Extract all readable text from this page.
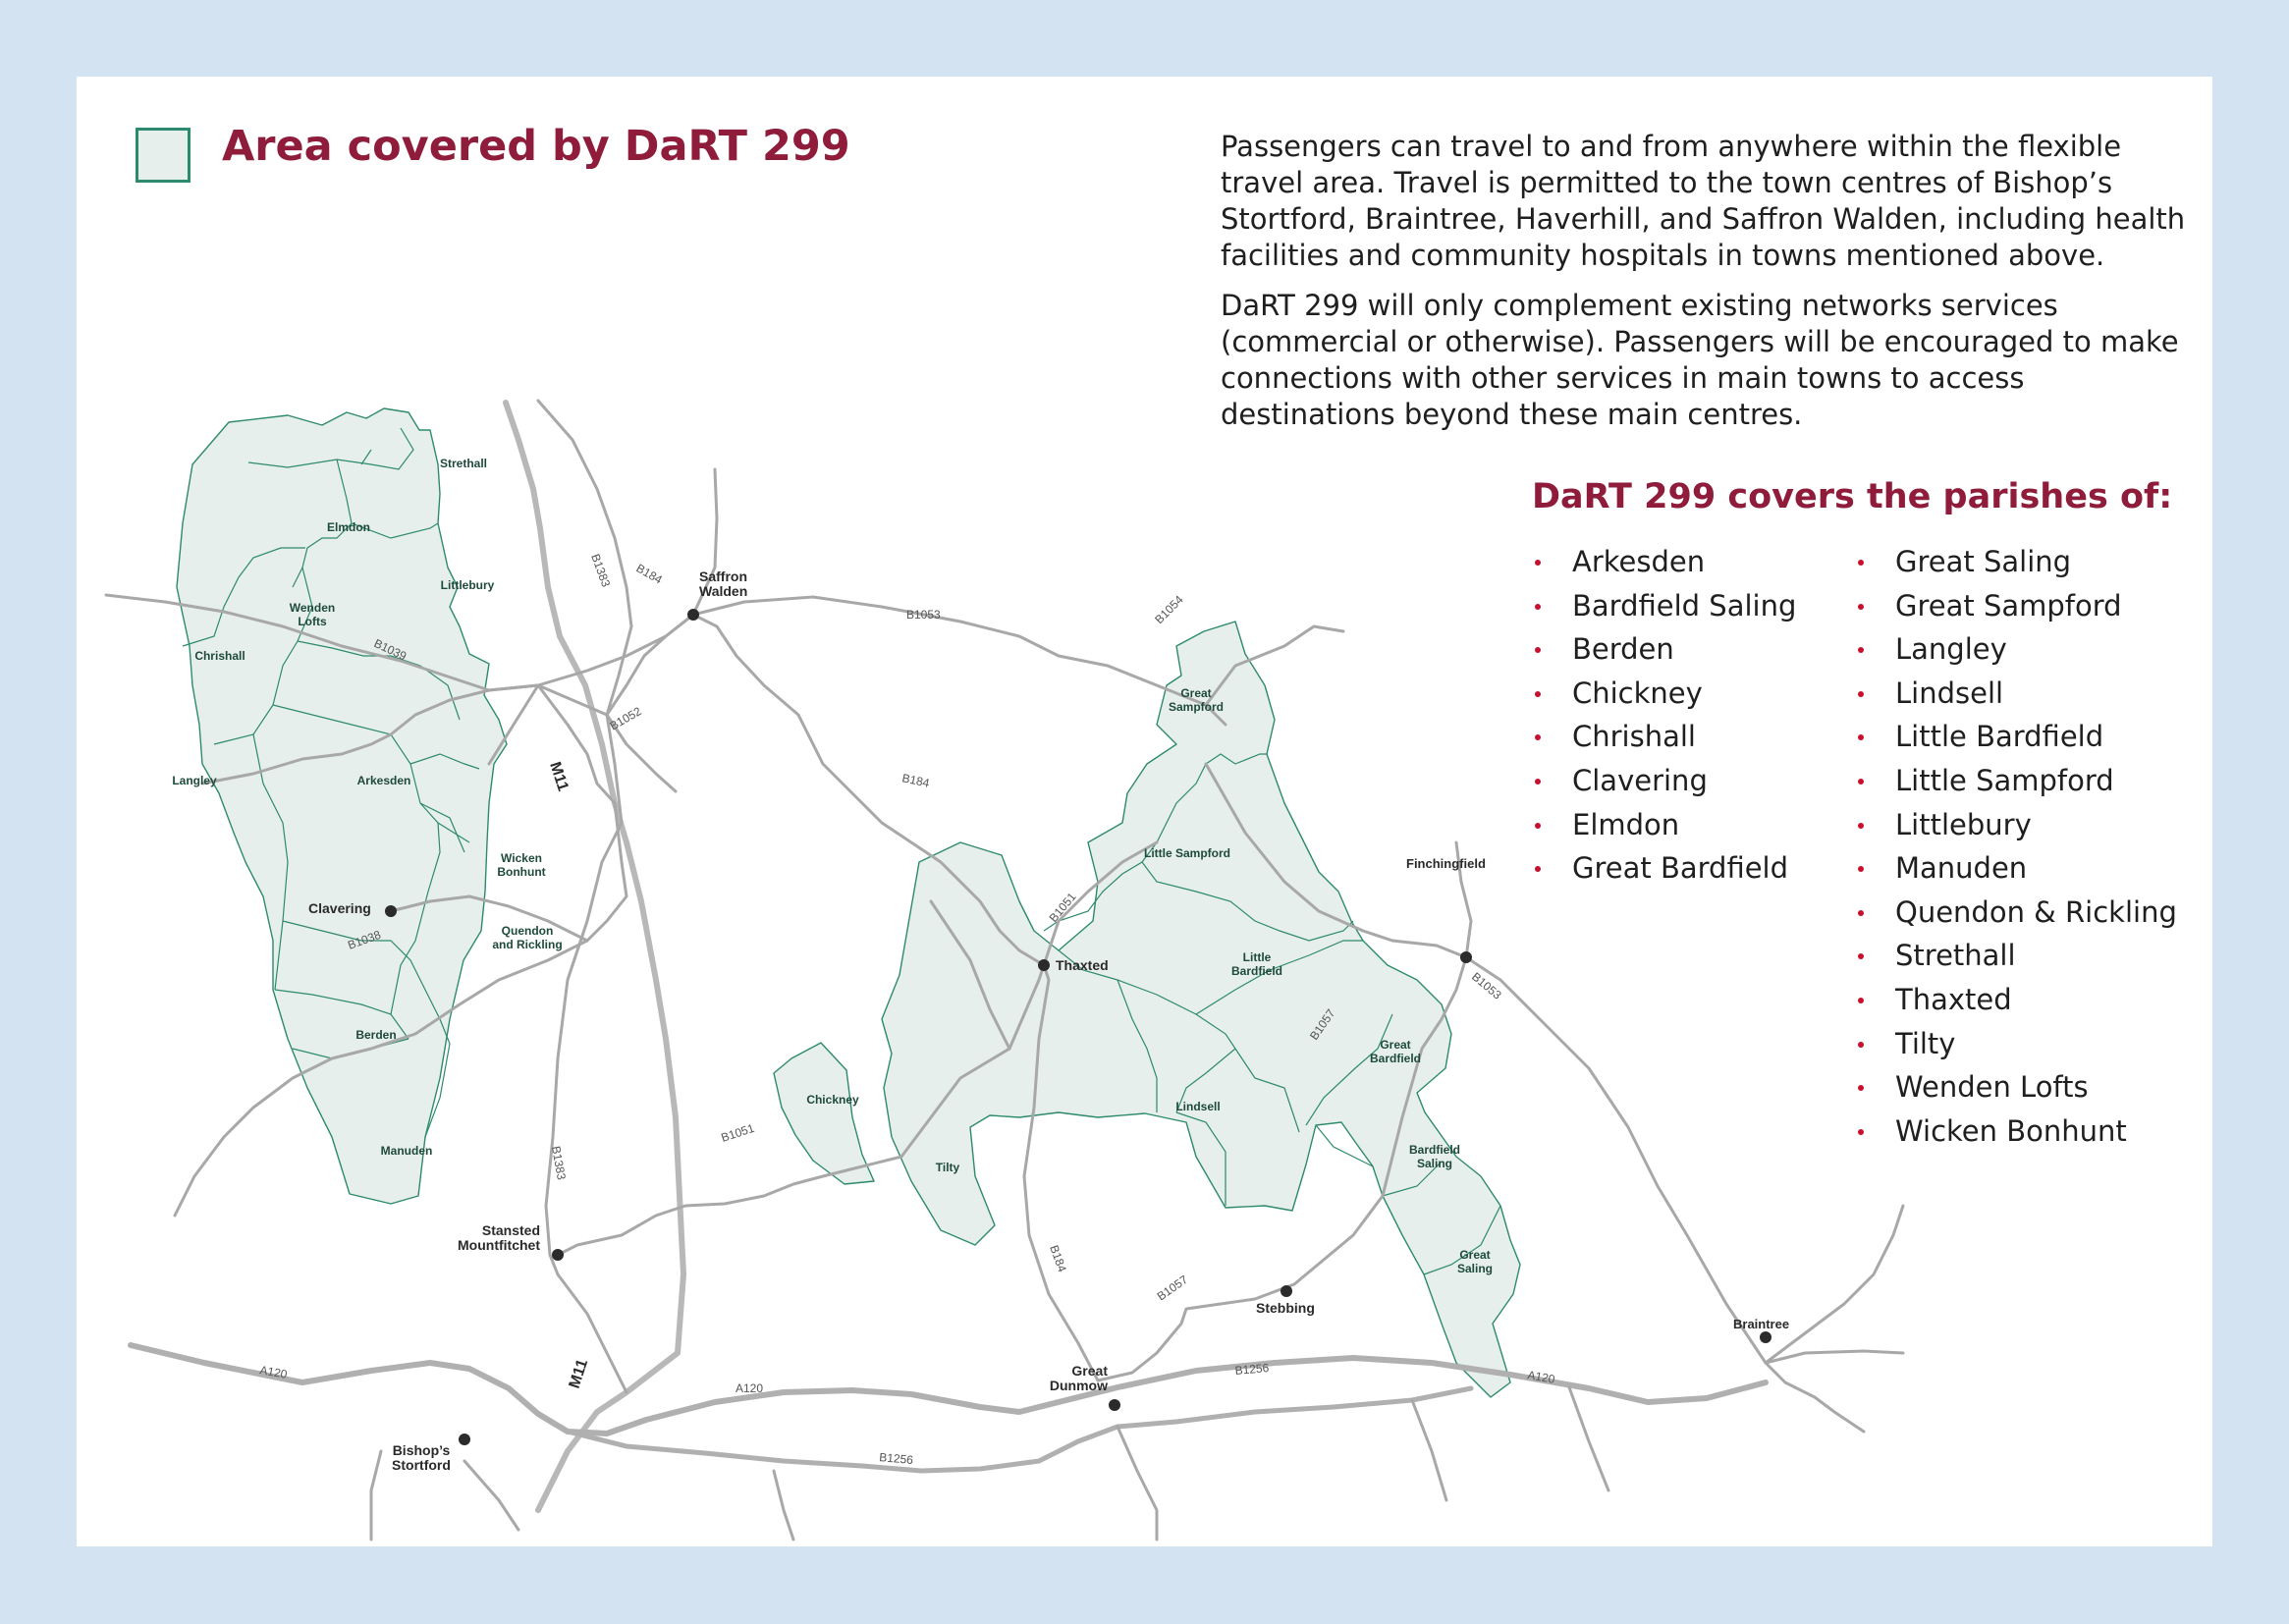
Strethall
Elmdon
Littlebury
Wenden Lofts
Chrishall
Langley	Arkesden
Wicken Bonhunt
Quendon and Rickling
Berden
Manuden
Chickney
Tilty
Great Sampford
Little Sampford
Little Bardfield
Lindsell
Great Bardfield
Bardfield Saling
Great Saling
B1383 B184
B1053	B1054
B1039
B1052
M11	B184
B1051
B1053
B1038
B1057
B1051
B1383
B184
B1057
A120	M11	A120
B1256
B1256	A120
Saffron Walden
Clavering
Thaxted
Finchingfield
Stansted Mountfitchet
Stebbing
Great Dunmow
Braintree
Bishop’s Stortford
Area covered by DaRT 299	Passengers can travel to and from anywhere within the flexible travel area. Travel is permitted to the town centres of Bishop’s Stortford, Braintree, Haverhill, and Saffron Walden, including health facilities and community hospitals in towns mentioned above.

DaRT 299 will only complement existing networks services (commercial or otherwise). Passengers will be encouraged to make connections with other services in main towns to access destinations beyond these main centres.

DaRT 299 covers the parishes of:
Arkesden
Bardfield Saling
Berden
Chickney
Chrishall
Clavering
Elmdon
Great Bardfield
Great Saling
Great Sampford
Langley
Lindsell
Little Bardfield
Little Sampford
Littlebury
Manuden
Quendon & Rickling
Strethall
Thaxted
Tilty
Wenden Lofts
Wicken Bonhunt
